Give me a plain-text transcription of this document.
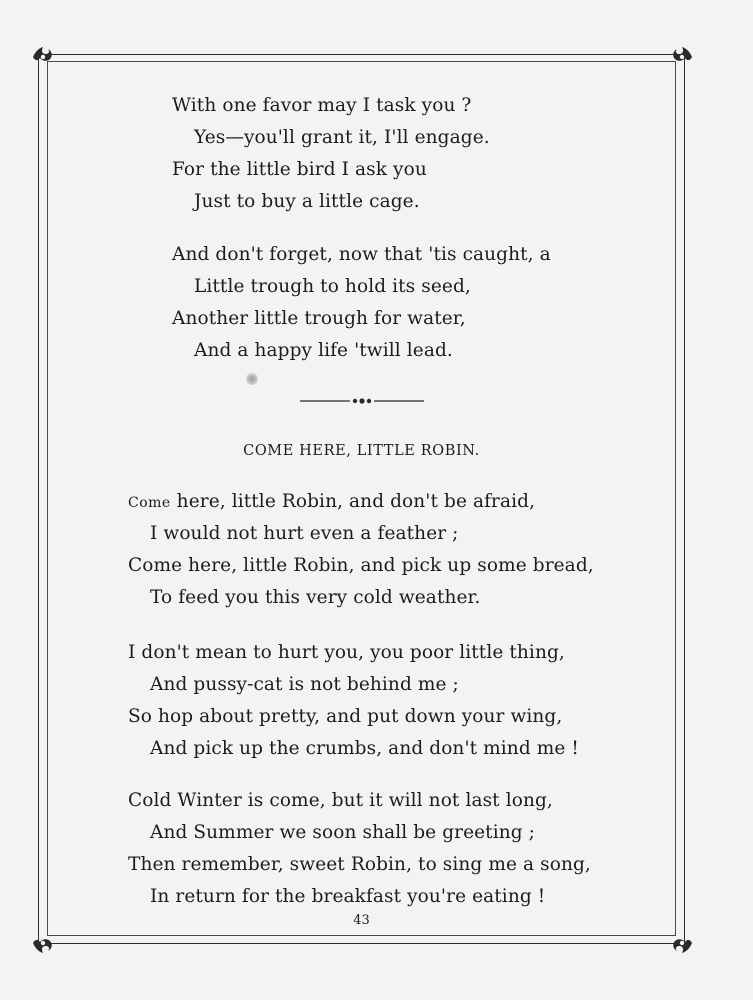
With one favor may I task you ?
Yes—you'll grant it, I'll engage.
For the little bird I ask you
Just to buy a little cage.
And don't forget, now that 'tis caught, a
Little trough to hold its seed,
Another little trough for water,
And a happy life 'twill lead.
COME HERE, LITTLE ROBIN.
Come here, little Robin, and don't be afraid,
I would not hurt even a feather ;
Come here, little Robin, and pick up some bread,
To feed you this very cold weather.
I don't mean to hurt you, you poor little thing,
And pussy-cat is not behind me ;
So hop about pretty, and put down your wing,
And pick up the crumbs, and don't mind me !
Cold Winter is come, but it will not last long,
And Summer we soon shall be greeting ;
Then remember, sweet Robin, to sing me a song,
In return for the breakfast you're eating !
43
